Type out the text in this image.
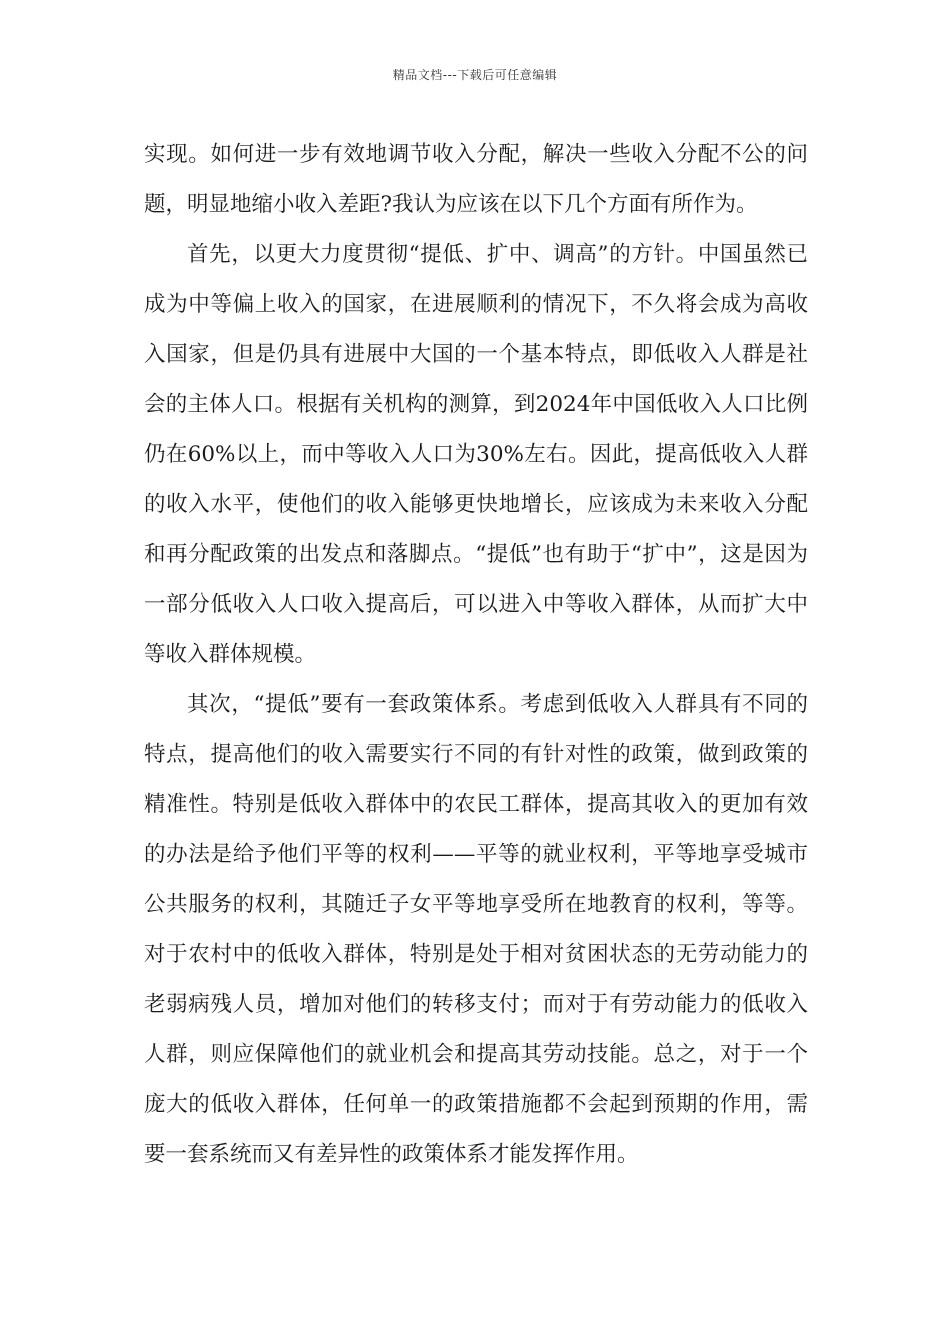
精品文档---下载后可任意编辑

实现。如何进一步有效地调节收入分配，解决一些收入分配不公的问题，明显地缩小收入差距?我认为应该在以下几个方面有所作为。

首先，以更大力度贯彻“提低、扩中、调高”的方针。中国虽然已成为中等偏上收入的国家，在进展顺利的情况下，不久将会成为高收入国家，但是仍具有进展中大国的一个基本特点，即低收入人群是社会的主体人口。根据有关机构的测算，到2024年中国低收入人口比例仍在60%以上，而中等收入人口为30%左右。因此，提高低收入人群的收入水平，使他们的收入能够更快地增长，应该成为未来收入分配和再分配政策的出发点和落脚点。“提低”也有助于“扩中”，这是因为一部分低收入人口收入提高后，可以进入中等收入群体，从而扩大中等收入群体规模。

其次，“提低”要有一套政策体系。考虑到低收入人群具有不同的特点，提高他们的收入需要实行不同的有针对性的政策，做到政策的精准性。特别是低收入群体中的农民工群体，提高其收入的更加有效的办法是给予他们平等的权利——平等的就业权利，平等地享受城市公共服务的权利，其随迁子女平等地享受所在地教育的权利，等等。对于农村中的低收入群体，特别是处于相对贫困状态的无劳动能力的老弱病残人员，增加对他们的转移支付；而对于有劳动能力的低收入人群，则应保障他们的就业机会和提高其劳动技能。总之，对于一个庞大的低收入群体，任何单一的政策措施都不会起到预期的作用，需要一套系统而又有差异性的政策体系才能发挥作用。
